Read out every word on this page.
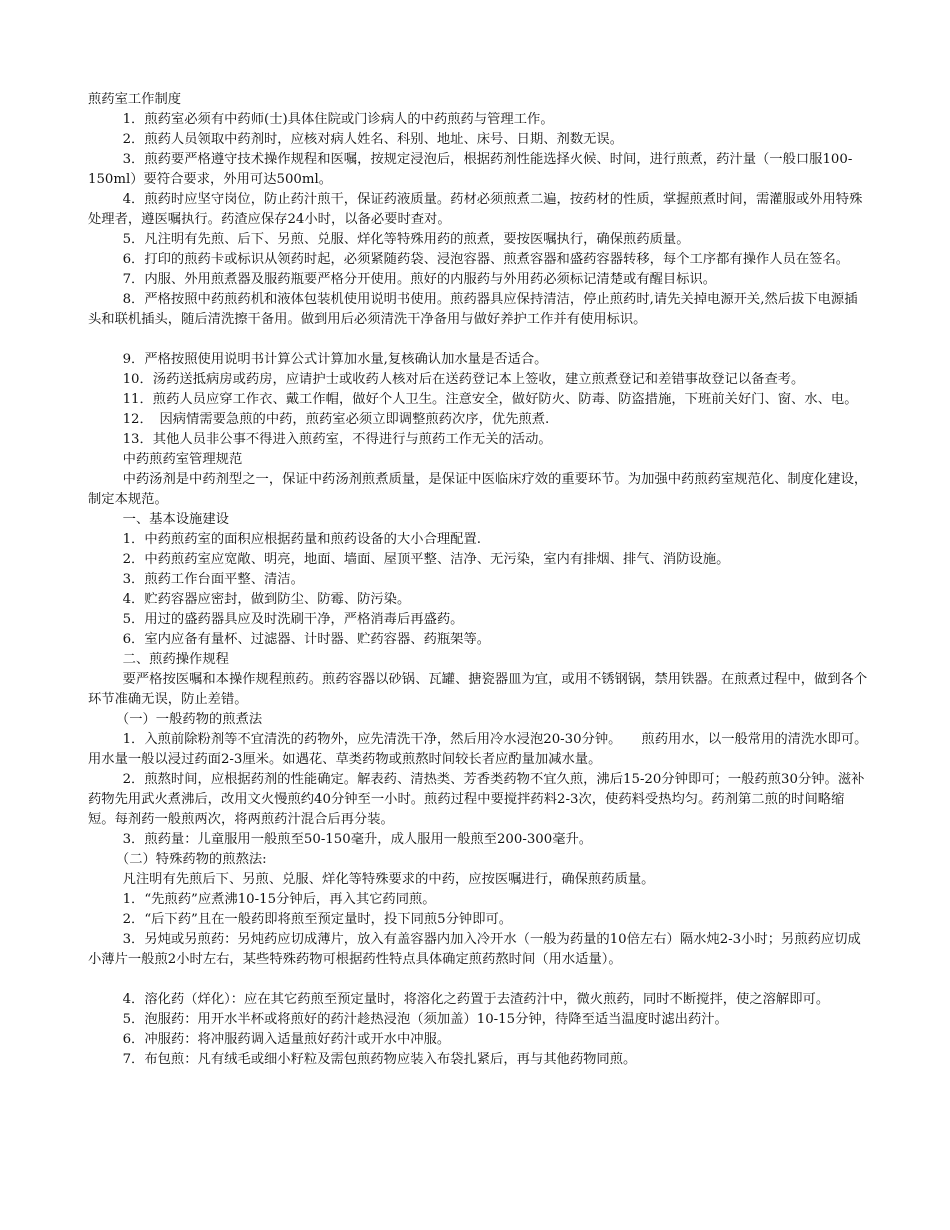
煎药室工作制度

1．煎药室必须有中药师(士)具体住院或门诊病人的中药煎药与管理工作。

2．煎药人员领取中药剂时，应核对病人姓名、科别、地址、床号、日期、剂数无误。

3．煎药要严格遵守技术操作规程和医嘱，按规定浸泡后，根据药剂性能选择火候、时间，进行煎煮，药汁量（一般口服100-150ml）要符合要求，外用可达500ml。

4．煎药时应坚守岗位，防止药汁煎干，保证药液质量。药材必须煎煮二遍，按药材的性质，掌握煎煮时间，需灌服或外用特殊处理者，遵医嘱执行。药渣应保存24小时，以备必要时查对。

5．凡注明有先煎、后下、另煎、兑服、烊化等特殊用药的煎煮，要按医嘱执行，确保煎药质量。

6．打印的煎药卡或标识从领药时起，必须紧随药袋、浸泡容器、煎煮容器和盛药容器转移，每个工序都有操作人员在签名。

7．内服、外用煎煮器及服药瓶要严格分开使用。煎好的内服药与外用药必须标记清楚或有醒目标识。

8．严格按照中药煎药机和液体包装机使用说明书使用。煎药器具应保持清洁，停止煎药时,请先关掉电源开关,然后拔下电源插头和联机插头，随后清洗擦干备用。做到用后必须清洗干净备用与做好养护工作并有使用标识。

9．严格按照使用说明书计算公式计算加水量,复核确认加水量是否适合。

10．汤药送抵病房或药房，应请护士或收药人核对后在送药登记本上签收，建立煎煮登记和差错事故登记以备查考。

11．煎药人员应穿工作衣、戴工作帽，做好个人卫生。注意安全，做好防火、防毒、防盗措施，下班前关好门、窗、水、电。

12．　因病情需要急煎的中药，煎药室必须立即调整煎药次序，优先煎煮.

13．其他人员非公事不得进入煎药室，不得进行与煎药工作无关的活动。

中药煎药室管理规范

中药汤剂是中药剂型之一，保证中药汤剂煎煮质量，是保证中医临床疗效的重要环节。为加强中药煎药室规范化、制度化建设，制定本规范。

一、基本设施建设

1．中药煎药室的面积应根据药量和煎药设备的大小合理配置.

2．中药煎药室应宽敞、明亮，地面、墙面、屋顶平整、洁净、无污染，室内有排烟、排气、消防设施。

3．煎药工作台面平整、清洁。

4．贮药容器应密封，做到防尘、防霉、防污染。

5．用过的盛药器具应及时洗刷干净，严格消毒后再盛药。

6．室内应备有量杯、过滤器、计时器、贮药容器、药瓶架等。

二、煎药操作规程

要严格按医嘱和本操作规程煎药。煎药容器以砂锅、瓦罐、搪瓷器皿为宜，或用不锈钢锅，禁用铁器。在煎煮过程中，做到各个环节准确无误，防止差错。

（一）一般药物的煎煮法

1．入煎前除粉剂等不宜清洗的药物外，应先清洗干净，然后用冷水浸泡20-30分钟。　　煎药用水，以一般常用的清洗水即可。用水量一般以浸过药面2-3厘米。如遇花、草类药物或煎熬时间较长者应酌量加减水量。

2．煎熬时间，应根据药剂的性能确定。解表药、清热类、芳香类药物不宜久煎，沸后15-20分钟即可；一般药煎30分钟。滋补药物先用武火煮沸后，改用文火慢煎约40分钟至一小时。煎药过程中要搅拌药料2-3次，使药料受热均匀。药剂第二煎的时间略缩短。每剂药一般煎两次，将两煎药汁混合后再分装。

3．煎药量：儿童服用一般煎至50-150毫升，成人服用一般煎至200-300毫升。

（二）特殊药物的煎熬法:

凡注明有先煎后下、另煎、兑服、烊化等特殊要求的中药，应按医嘱进行，确保煎药质量。

1．“先煎药”应煮沸10-15分钟后，再入其它药同煎。

2．“后下药”且在一般药即将煎至预定量时，投下同煎5分钟即可。

3．另炖或另煎药：另炖药应切成薄片，放入有盖容器内加入冷开水（一般为药量的10倍左右）隔水炖2-3小时；另煎药应切成小薄片一般煎2小时左右，某些特殊药物可根据药性特点具体确定煎药熬时间（用水适量）。

4．溶化药（烊化）：应在其它药煎至预定量时，将溶化之药置于去渣药汁中，微火煎药，同时不断搅拌，使之溶解即可。

5．泡服药：用开水半杯或将煎好的药汁趁热浸泡（须加盖）10-15分钟，待降至适当温度时滤出药汁。

6．冲服药：将冲服药调入适量煎好药汁或开水中冲服。

7．布包煎：凡有绒毛或细小籽粒及需包煎药物应装入布袋扎紧后，再与其他药物同煎。
